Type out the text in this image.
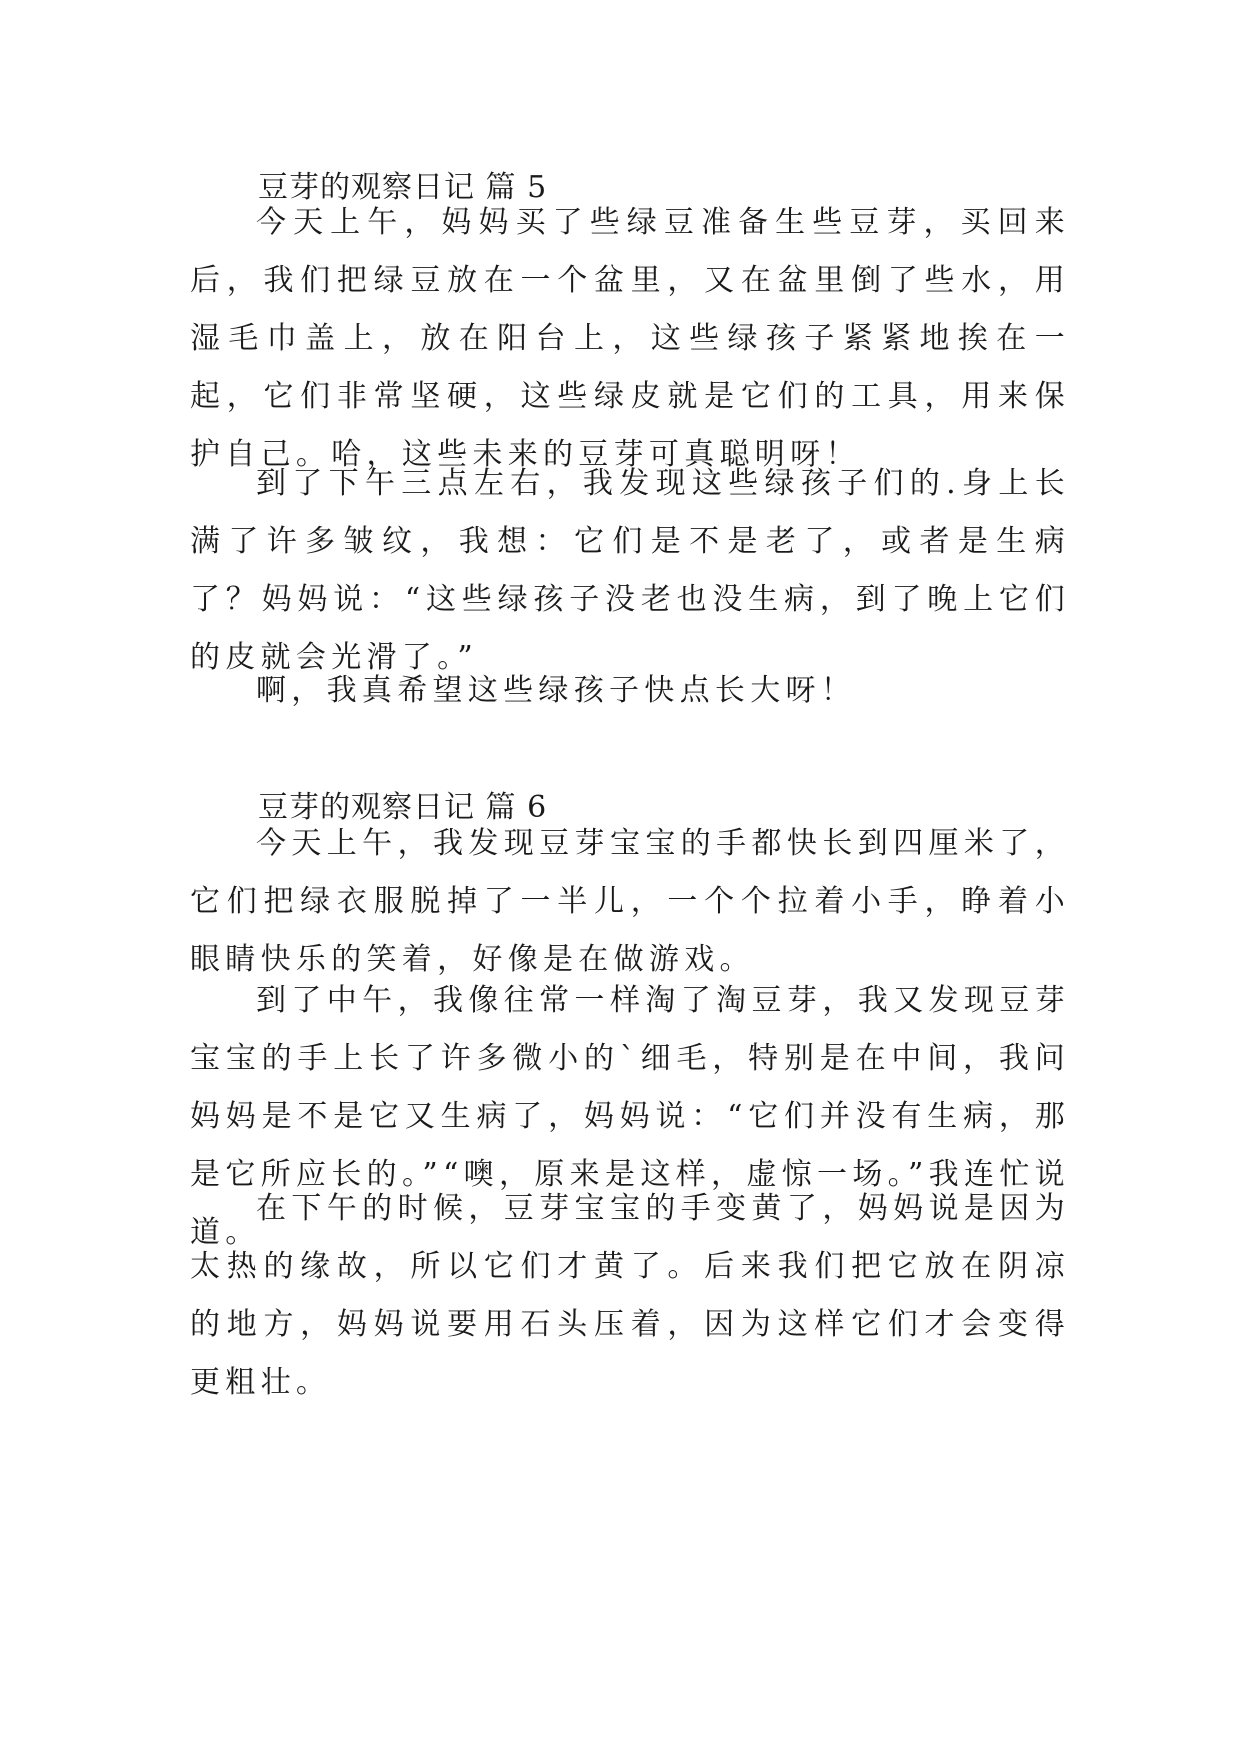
豆芽的观察日记 篇 5

今天上午，妈妈买了些绿豆准备生些豆芽，买回来后，我们把绿豆放在一个盆里，又在盆里倒了些水，用湿毛巾盖上，放在阳台上，这些绿孩子紧紧地挨在一起，它们非常坚硬，这些绿皮就是它们的工具，用来保护自己。哈，这些未来的豆芽可真聪明呀！

到了下午三点左右，我发现这些绿孩子们的.身上长满了许多皱纹，我想：它们是不是老了，或者是生病了？妈妈说：“这些绿孩子没老也没生病，到了晚上它们的皮就会光滑了。”

啊，我真希望这些绿孩子快点长大呀！

豆芽的观察日记 篇 6

今天上午，我发现豆芽宝宝的手都快长到四厘米了，它们把绿衣服脱掉了一半儿，一个个拉着小手，睁着小眼睛快乐的笑着，好像是在做游戏。

到了中午，我像往常一样淘了淘豆芽，我又发现豆芽宝宝的手上长了许多微小的`细毛，特别是在中间，我问妈妈是不是它又生病了，妈妈说：“它们并没有生病，那是它所应长的。”“噢，原来是这样，虚惊一场。”我连忙说道。

在下午的时候，豆芽宝宝的手变黄了，妈妈说是因为太热的缘故，所以它们才黄了。后来我们把它放在阴凉的地方，妈妈说要用石头压着，因为这样它们才会变得更粗壮。
